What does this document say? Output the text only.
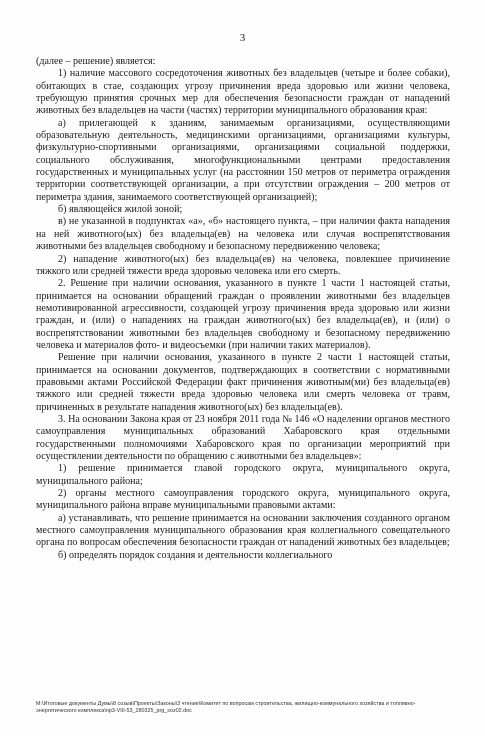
3

(далее – решение) является:

1) наличие массового сосредоточения животных без владельцев (четыре и более собаки), обитающих в стае, создающих угрозу причинения вреда здоровью или жизни человека, требующую принятия срочных мер для обеспечения безопасности граждан от нападений животных без владельцев на части (частях) территории муниципального образования края:

а) прилегающей к зданиям, занимаемым организациями, осуществляющими образовательную деятельность, медицинскими организациями, организациями культуры, физкультурно-спортивными организациями, организациями социальной поддержки, социального обслуживания, многофункциональными центрами предоставления государственных и муниципальных услуг (на расстоянии 150 метров от периметра ограждения территории соответствующей организации, а при отсутствии ограждения – 200 метров от периметра здания, занимаемого соответствующей организацией);

б) являющейся жилой зоной;

в) не указанной в подпунктах «а», «б» настоящего пункта, – при наличии факта нападения на ней животного(ых) без владельца(ев) на человека или случая воспрепятствования животными без владельцев свободному и безопасному передвижению человека;

2) нападение животного(ых) без владельца(ев) на человека, повлекшее причинение тяжкого или средней тяжести вреда здоровью человека или его смерть.

2. Решение при наличии основания, указанного в пункте 1 части 1 настоящей статьи, принимается на основании обращений граждан о проявлении животными без владельцев немотивированной агрессивности, создающей угрозу причинения вреда здоровью или жизни граждан, и (или) о нападениях на граждан животного(ых) без владельца(ев), и (или) о воспрепятствовании животными без владельцев свободному и безопасному передвижению человека и материалов фото- и видеосъемки (при наличии таких материалов).

Решение при наличии основания, указанного в пункте 2 части 1 настоящей статьи, принимается на основании документов, подтверждающих в соответствии с нормативными правовыми актами Российской Федерации факт причинения животным(ми) без владельца(ев) тяжкого или средней тяжести вреда здоровью человека или смерть человека от травм, причиненных в результате нападения животного(ых) без владельца(ев).

3. На основании Закона края от 23 ноября 2011 года № 146 «О наделении органов местного самоуправления муниципальных образований Хабаровского края отдельными государственными полномочиями Хабаровского края по организации мероприятий при осуществлении деятельности по обращению с животными без владельцев»:

1) решение принимается главой городского округа, муниципального округа, муниципального района;

2) органы местного самоуправления городского округа, муниципального округа, муниципального района вправе муниципальными правовыми актами:

а) устанавливать, что решение принимается на основании заключения созданного органом местного самоуправления муниципального образования края коллегиального совещательного органа по вопросам обеспечения безопасности граждан от нападений животных без владельцев;

б) определять порядок создания и деятельности коллегиального

M:\Итоговые документы Думы\8 созыв\Проекты\Законы\3 чтение\Комитет по вопросам строительства, жилищно-коммунального хозяйства и топливно-энергетического комплекса\пр3-VIII-53_280325_prg_soz02.doc
